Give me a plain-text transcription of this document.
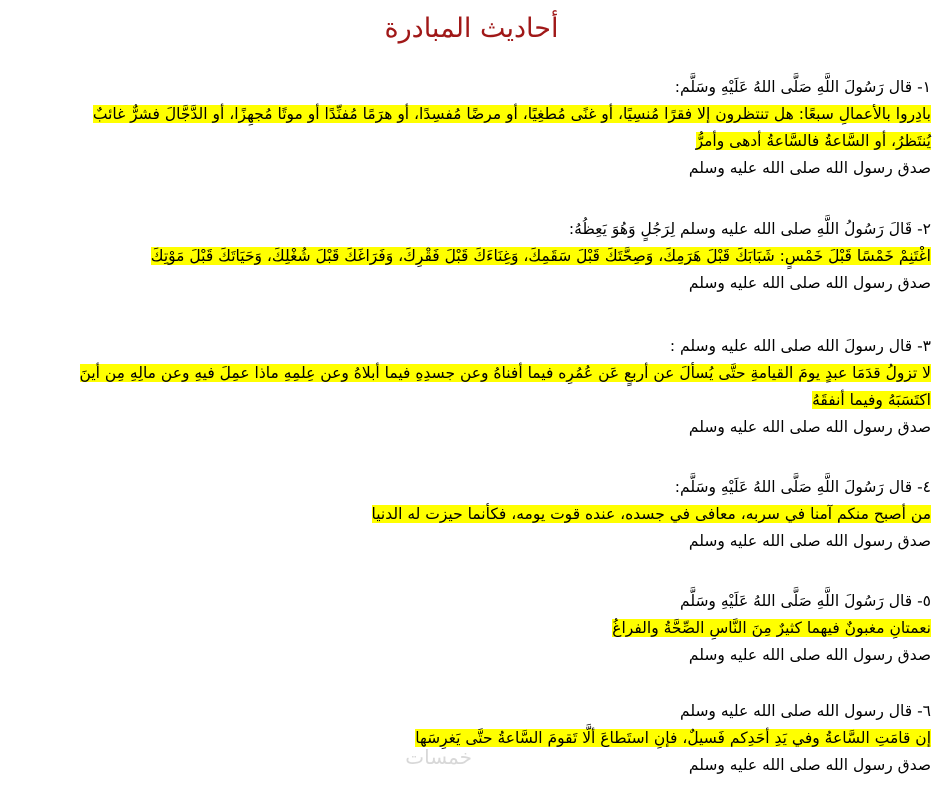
أحاديث المبادرة
١- قال رَسُولَ اللَّهِ صَلَّى اللهُ عَلَيْهِ وسَلَّم:
بادِروا بالأعمالِ سبعًا: هل تنتظرون إلا فقرًا مُنسِيًا، أو غنًى مُطغِيًا، أو مرضًا مُفسِدًا، أو هرَمًا مُفنِّدًا أو موتًا مُجهِزًا، أو الدَّجَّالَ فشرٌّ غائبٌ
يُنتَظرُ، أو السَّاعةُ فالسَّاعةُ أدهى وأمرُّ
صدق رسول الله صلى الله عليه وسلم
٢- قَالَ رَسُولُ اللَّهِ صلى الله عليه وسلم لِرَجُلٍ وَهُوَ يَعِظُهُ:
اغْتَنِمْ خَمْسًا قَبْلَ خَمْسٍ: شَبَابَكَ قَبْلَ هَرَمِكَ، وَصِحَّتَكَ قَبْلَ سَقَمِكَ، وَغِنَاءَكَ قَبْلَ فَقْرِكَ، وَفَرَاغَكَ قَبْلَ شُغْلِكَ، وَحَيَاتَكَ قَبْلَ مَوْتِكَ
صدق رسول الله صلى الله عليه وسلم
٣- قال رسولَ الله صلى الله عليه وسلم :
لا تزولُ قدَمَا عبدٍ يومَ القيامةِ حتَّى يُسألَ عن أربعٍ عَن عُمُرِه فيما أفناهُ وعن جسدِهِ فيما أبلاهُ وعن عِلمِهِ ماذا عمِلَ فيهِ وعن مالِهِ مِن أينَ
اكتَسَبَهُ وفيما أنفقَهُ
صدق رسول الله صلى الله عليه وسلم
٤- قال رَسُولَ اللَّهِ صَلَّى اللهُ عَلَيْهِ وسَلَّم:
من أصبح منكم آمنا في سربه، معافى في جسده، عنده قوت يومه، فكأنما حيزت له الدنيا
صدق رسول الله صلى الله عليه وسلم
٥- قال رَسُولَ اللَّهِ صَلَّى اللهُ عَلَيْهِ وسَلَّم
نعمتانِ مغبونٌ فيهما كثيرٌ مِنَ النَّاسِ الصِّحَّةُ والفراغُ
صدق رسول الله صلى الله عليه وسلم
٦- قال رسول الله صلى الله عليه وسلم
إن قامَتِ السَّاعةُ وفي يَدِ أحَدِكم فَسيلٌ، فإنِ استَطاعَ ألَّا تَقومَ السَّاعةُ حتَّى يَغرِسَها
صدق رسول الله صلى الله عليه وسلم
خمسات
